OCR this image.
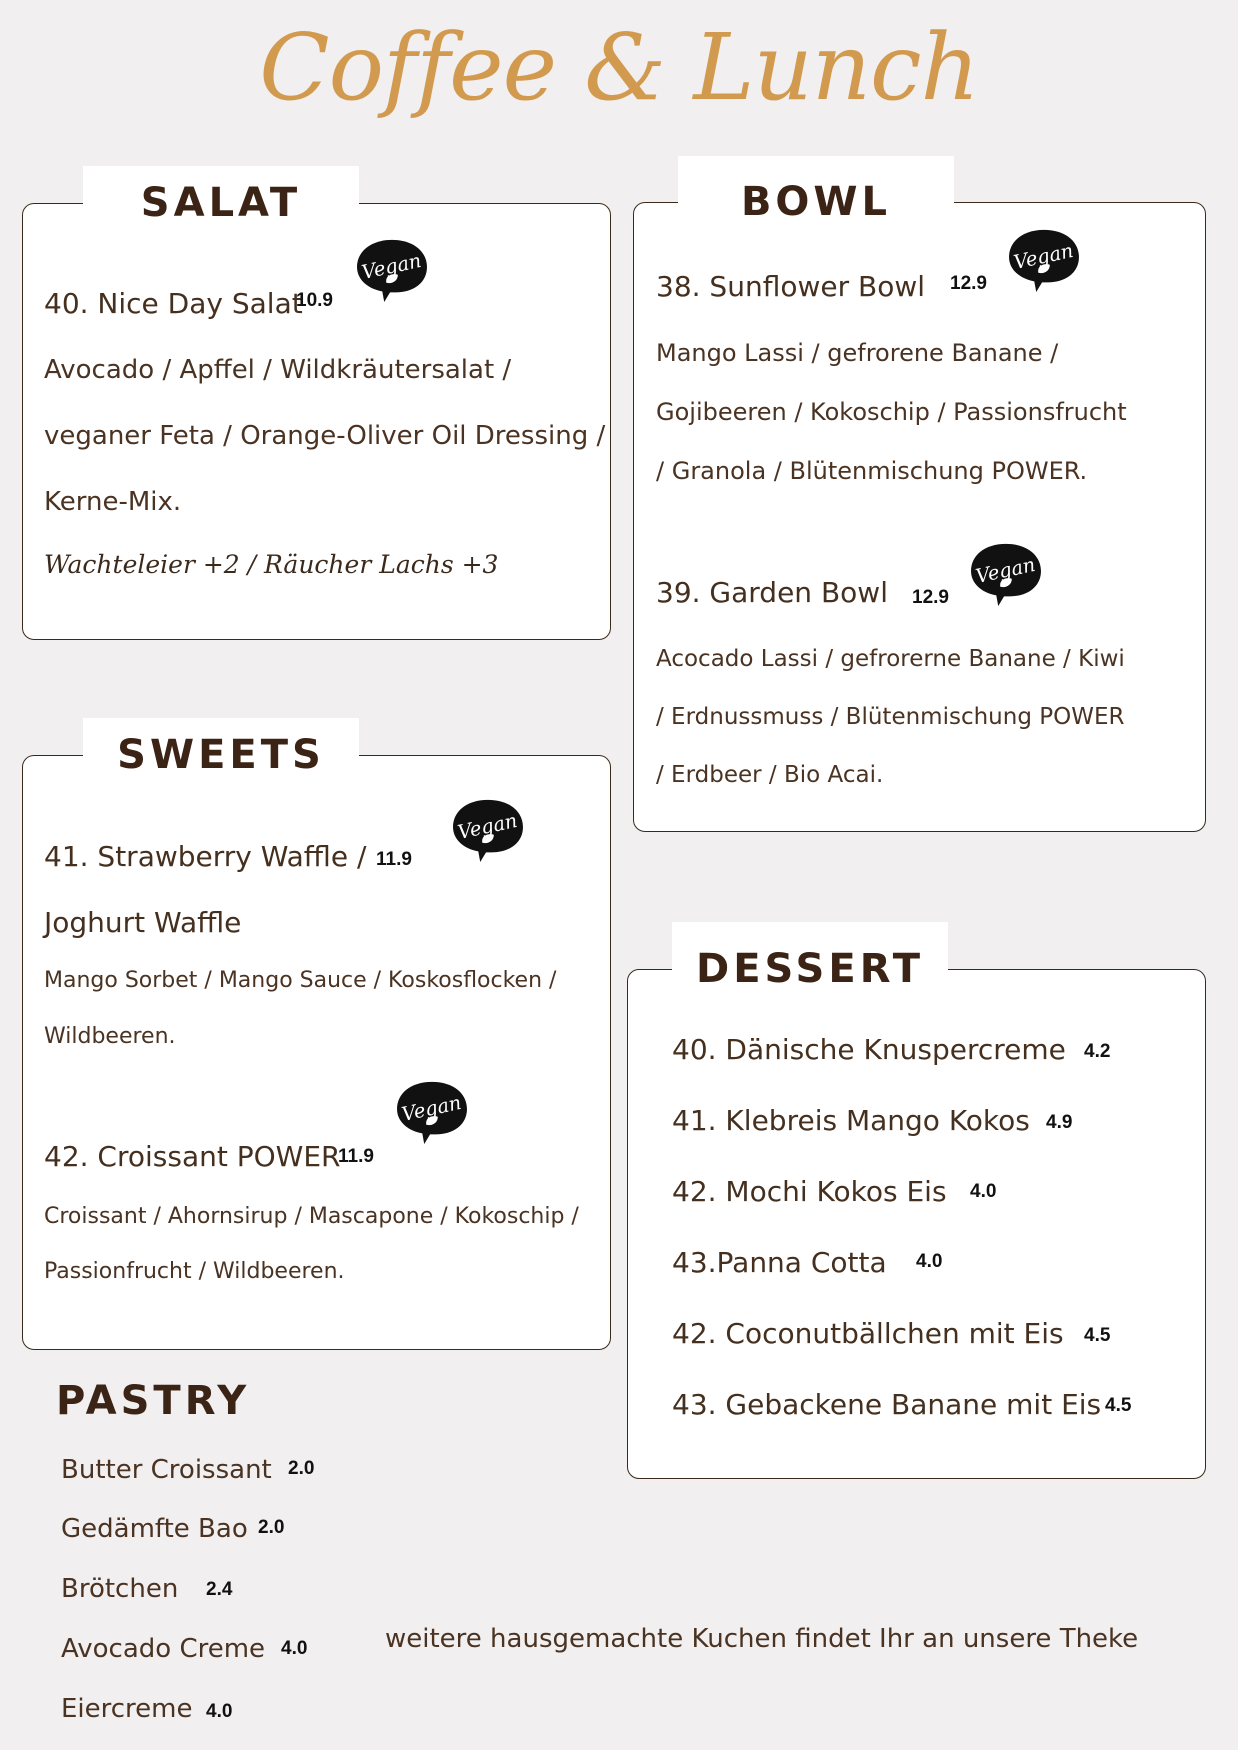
Coffee & Lunch
SALAT
40. Nice Day Salat
10.9
Avocado / Apffel / Wildkräutersalat /
veganer Feta / Orange-Oliver Oil Dressing /
Kerne-Mix.
Wachteleier +2 / Räucher Lachs +3
BOWL
38. Sunflower Bowl 12.9
Mango Lassi / gefrorene Banane /
Gojibeeren / Kokoschip / Passionsfrucht
/ Granola / Blütenmischung POWER.
39. Garden Bowl 12.9
Acocado Lassi / gefrorerne Banane / Kiwi
/ Erdnussmuss / Blütenmischung POWER
/ Erdbeer / Bio Acai.
SWEETS
41. Strawberry Waffle / 11.9
Joghurt Waffle
Mango Sorbet / Mango Sauce / Koskosflocken /
Wildbeeren.
42. Croissant POWER
11.9
Croissant / Ahornsirup / Mascapone / Kokoschip /
Passionfrucht / Wildbeeren.
DESSERT
40. Dänische Knuspercreme 4.2
41. Klebreis Mango Kokos 4.9
42. Mochi Kokos Eis 4.0
43.Panna Cotta 4.0
42. Coconutbällchen mit Eis 4.5
43. Gebackene Banane mit Eis 4.5
PASTRY
Butter Croissant 2.0
Gedämfte Bao 2.0
Brötchen 2.4
Avocado Creme 4.0
Eiercreme 4.0
weitere hausgemachte Kuchen findet Ihr an unsere Theke
